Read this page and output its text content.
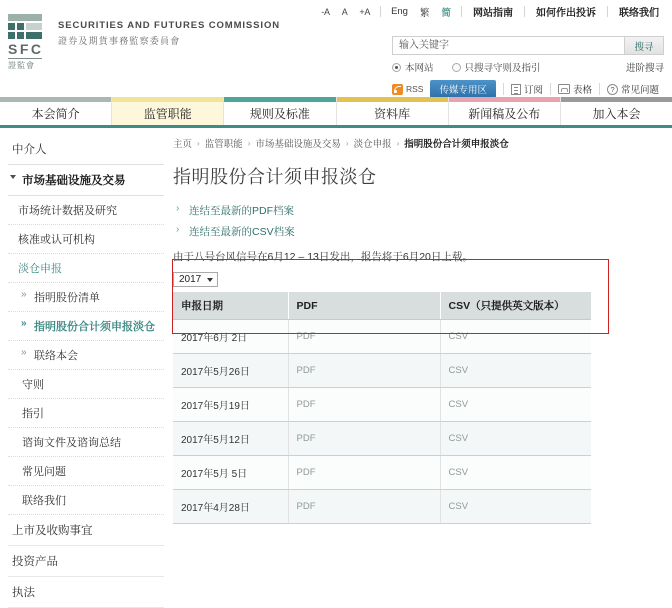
-A	A	+A	Eng	繁	简	网站指南	如何作出投诉	联络我们
SFC
證監會
SECURITIES AND FUTURES COMMISSION
證券及期貨事務監察委員會
输入关键字
搜寻
本网站	只搜寻守则及指引	进阶搜寻
RSS	传媒专用区	订阅	表格	? 常见问题
本会简介	监管职能	规则及标准	资料库	新闻稿及公布	加入本会
中介人
市场基础设施及交易
市场统计数据及研究
核准或认可机构
淡仓申报
» 指明股份清单
» 指明股份合计须申报淡仓
» 联络本会
守则
指引
谘询文件及谘询总结
常见问题
联络我们
上市及收购事宜
投资产品
执法
主页 › 监管职能 › 市场基础设施及交易 › 淡仓申报 › 指明股份合计须申报淡仓
指明股份合计须申报淡仓
› 连结至最新的PDF档案
› 连结至最新的CSV档案
由于八号台风信号在6月12 – 13日发出，报告将于6月20日上载。
2017
申报日期	PDF	CSV（只提供英文版本）
2017年6月 2日	PDF	CSV
2017年5月26日	PDF	CSV
2017年5月19日	PDF	CSV
2017年5月12日	PDF	CSV
2017年5月 5日	PDF	CSV
2017年4月28日	PDF	CSV
